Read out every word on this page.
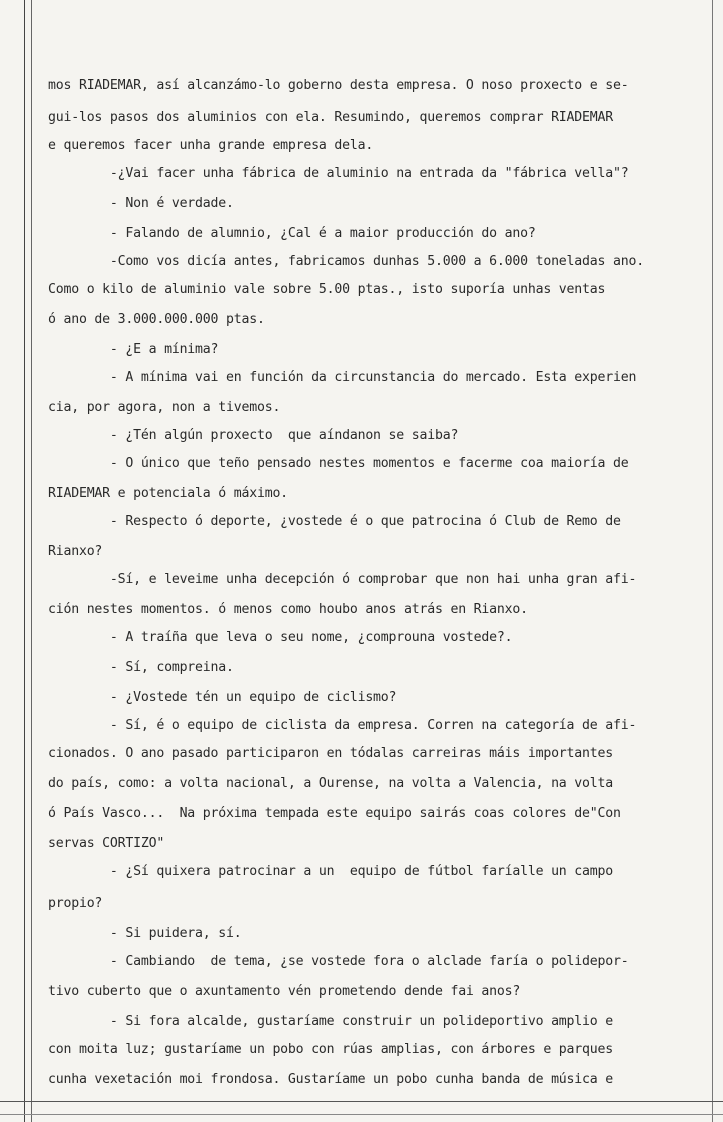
mos RIADEMAR, así alcanzámo-lo goberno desta empresa. O noso proxecto e se-
gui-los pasos dos aluminios con ela. Resumindo, queremos comprar RIADEMAR
e queremos facer unha grande empresa dela.
-¿Vai facer unha fábrica de aluminio na entrada da "fábrica vella"?
- Non é verdade.
- Falando de alumnio, ¿Cal é a maior producción do ano?
-Como vos dicía antes, fabricamos dunhas 5.000 a 6.000 toneladas ano.
Como o kilo de aluminio vale sobre 5.00 ptas., isto suporía unhas ventas
ó ano de 3.000.000.000 ptas.
- ¿E a mínima?
- A mínima vai en función da circunstancia do mercado. Esta experien
cia, por agora, non a tivemos.
- ¿Tén algún proxecto  que aíndanon se saiba?
- O único que teño pensado nestes momentos e facerme coa maioría de
RIADEMAR e potenciala ó máximo.
- Respecto ó deporte, ¿vostede é o que patrocina ó Club de Remo de
Rianxo?
-Sí, e leveime unha decepción ó comprobar que non hai unha gran afi-
ción nestes momentos. ó menos como houbo anos atrás en Rianxo.
- A traíña que leva o seu nome, ¿comprouna vostede?.
- Sí, compreina.
- ¿Vostede tén un equipo de ciclismo?
- Sí, é o equipo de ciclista da empresa. Corren na categoría de afi-
cionados. O ano pasado participaron en tódalas carreiras máis importantes
do país, como: a volta nacional, a Ourense, na volta a Valencia, na volta
ó País Vasco...  Na próxima tempada este equipo sairás coas colores de"Con
servas CORTIZO"
- ¿Sí quixera patrocinar a un  equipo de fútbol faríalle un campo
propio?
- Si puidera, sí.
- Cambiando  de tema, ¿se vostede fora o alclade faría o polidepor-
tivo cuberto que o axuntamento vén prometendo dende fai anos?
- Si fora alcalde, gustaríame construir un polideportivo amplio e
con moita luz; gustaríame un pobo con rúas amplias, con árbores e parques
cunha vexetación moi frondosa. Gustaríame un pobo cunha banda de música e
